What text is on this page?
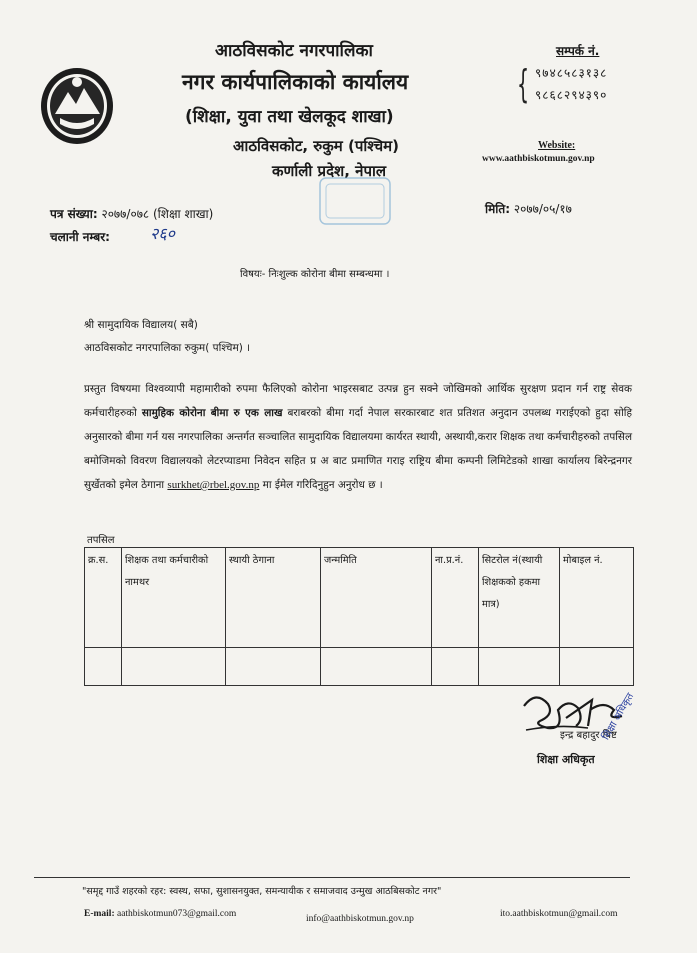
आठविसकोट नगरपालिका
नगर कार्यपालिकाको कार्यालय
(शिक्षा, युवा तथा खेलकूद शाखा)
आठविसकोट, रुकुम (पश्चिम)
कर्णाली प्रदेश, नेपाल
सम्पर्क नं.
{ ९७४८५८३१३८
९८६८२९४३९०
Website:
www.aathbiskotmun.gov.np
पत्र संख्या: २०७७/०७८ (शिक्षा शाखा)
चलानी नम्बर:	२६०
मिति: २०७७/०५/१७
विषयः- निःशुल्क कोरोना बीमा सम्बन्धमा ।
श्री सामुदायिक विद्यालय( सबै)
आठविसकोट नगरपालिका रुकुम( पश्चिम) ।
प्रस्तुत विषयमा विश्वव्यापी महामारीको रुपमा फैलिएको कोरोना भाइरसबाट उत्पन्न हुन सक्ने जोखिमको आर्थिक सुरक्षण प्रदान गर्न राष्ट्र सेवक कर्मचारीहरुको सामुहिक कोरोना बीमा रु एक लाख बराबरको बीमा गर्दा नेपाल सरकारबाट शत प्रतिशत अनुदान उपलब्ध गराईएको हुदा सोहि अनुसारको बीमा गर्न यस नगरपालिका अन्तर्गत सञ्चालित सामुदायिक विद्यालयमा कार्यरत स्थायी, अस्थायी,करार शिक्षक तथा कर्मचारीहरुको तपसिल बमोजिमको विवरण विद्यालयको लेटरप्याडमा निवेदन सहित प्र अ बाट प्रमाणित गराइ राष्ट्रिय बीमा कम्पनी लिमिटेडको शाखा कार्यालय बिरेन्द्रनगर सुर्खेतको इमेल ठेगाना surkhet@rbel.gov.np मा ईमेल गरिदिनुहुन अनुरोध छ ।
तपसिल
क्र.स.	शिक्षक तथा कर्मचारीको नामथर	स्थायी ठेगाना	जन्ममिति	ना.प्र.नं.	सिटरोल नं(स्थायी शिक्षकको हकमा मात्र)	मोबाइल नं.

इन्द्र बहादुर बिष्ट
शिक्षा अधिकृत
शिक्षा अधिकृत
"समृद्द गाउँ शहरको रहर: स्वस्थ, सफा, सुशासनयुक्त, समन्यायीक र समाजवाद उन्मुख आठबिसकोट नगर"
E-mail: aathbiskotmun073@gmail.com	info@aathbiskotmun.gov.np	ito.aathbiskotmun@gmail.com
